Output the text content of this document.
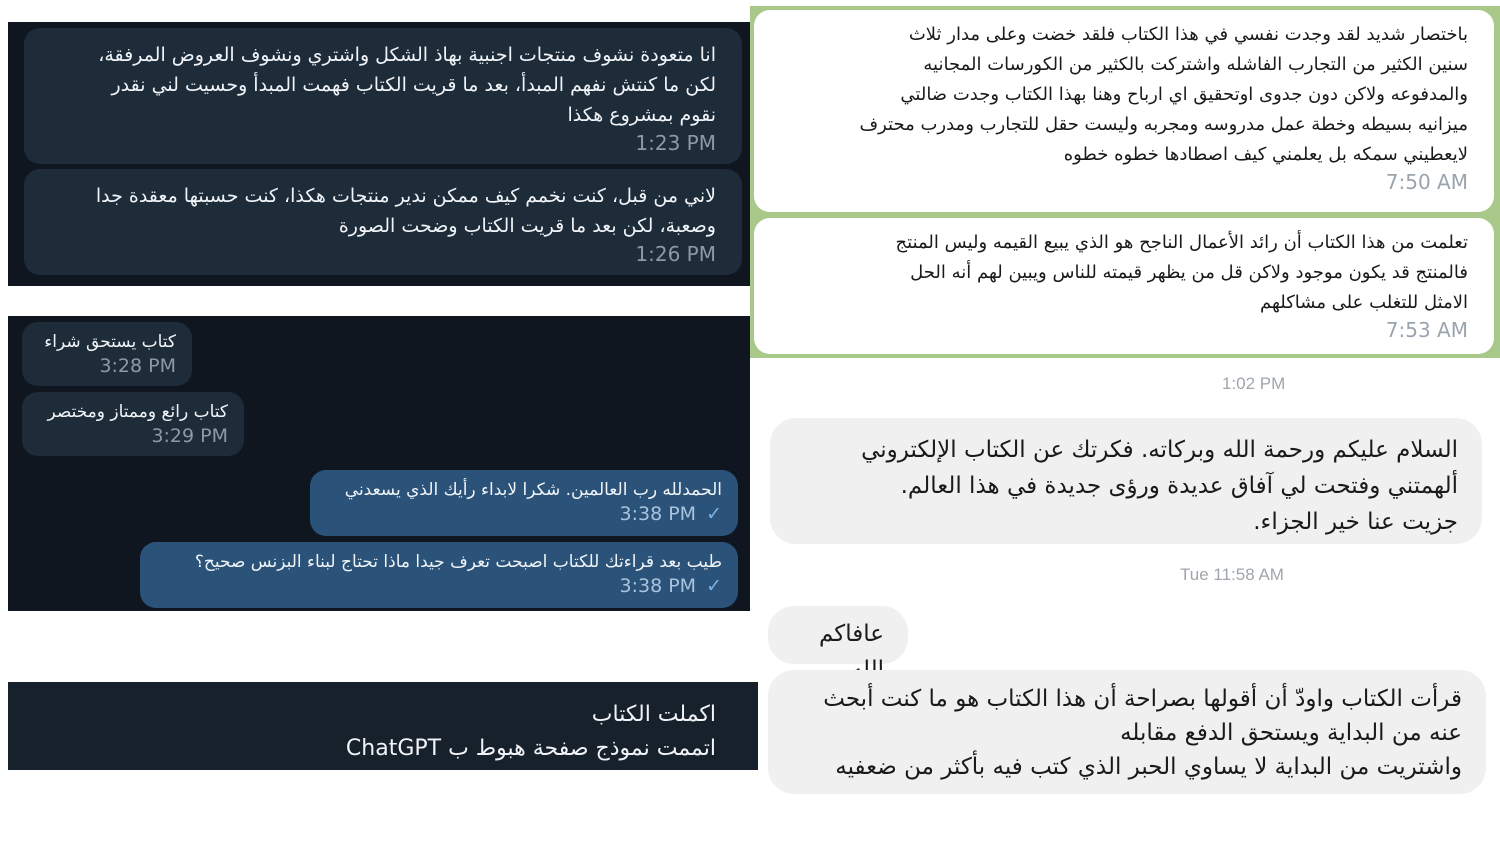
انا متعودة نشوف منتجات اجنبية بهاذ الشكل واشتري ونشوف العروض المرفقة،
لكن ما كنتش نفهم المبدأ، بعد ما قريت الكتاب فهمت المبدأ وحسيت لني نقدر
نقوم بمشروع هكذا
1:23 PM
لاني من قبل، كنت نخمم كيف ممكن ندير منتجات هكذا، كنت حسبتها معقدة جدا
وصعبة، لكن بعد ما قريت الكتاب وضحت الصورة
1:26 PM
كتاب يستحق شراء
3:28 PM
كتاب رائع وممتاز ومختصر
3:29 PM
الحمدلله رب العالمين. شكرا لابداء رأيك الذي يسعدني
3:38 PM ✓
طيب بعد قراءتك للكتاب اصبحت تعرف جيدا ماذا تحتاج لبناء البزنس صحيح؟
3:38 PM ✓
اكملت الكتاب
اتممت نموذج صفحة هبوط ب ChatGPT
باختصار شديد لقد وجدت نفسي في هذا الكتاب فلقد خضت وعلى مدار ثلاث
سنين الكثير من التجارب الفاشله واشتركت بالكثير من الكورسات المجانيه
والمدفوعه ولاكن دون جدوى اوتحقيق اي ارباح وهنا بهذا الكتاب وجدت ضالتي
ميزانيه بسيطه وخطة عمل مدروسه ومجربه وليست حقل للتجارب ومدرب محترف
لايعطيني سمكه بل يعلمني كيف اصطادها خطوه خطوه
7:50 AM
تعلمت من هذا الكتاب أن رائد الأعمال الناجح هو الذي يبيع القيمه وليس المنتج
فالمنتج قد يكون موجود ولاكن قل من يظهر قيمته للناس ويبين لهم أنه الحل
الامثل للتغلب على مشاكلهم
7:53 AM
1:02 PM
السلام عليكم ورحمة الله وبركاته. فكرتك عن الكتاب الإلكتروني
ألهمتني وفتحت لي آفاق عديدة ورؤى جديدة في هذا العالم.
جزيت عنا خير الجزاء.
Tue 11:58 AM
عافاكم
قرأت الكتاب واودّ أن أقولها بصراحة أن هذا الكتاب هو ما كنت أبحث
عنه من البداية ويستحق الدفع مقابله
واشتريت من البداية لا يساوي الحبر الذي كتب فيه بأكثر من ضعفيه
